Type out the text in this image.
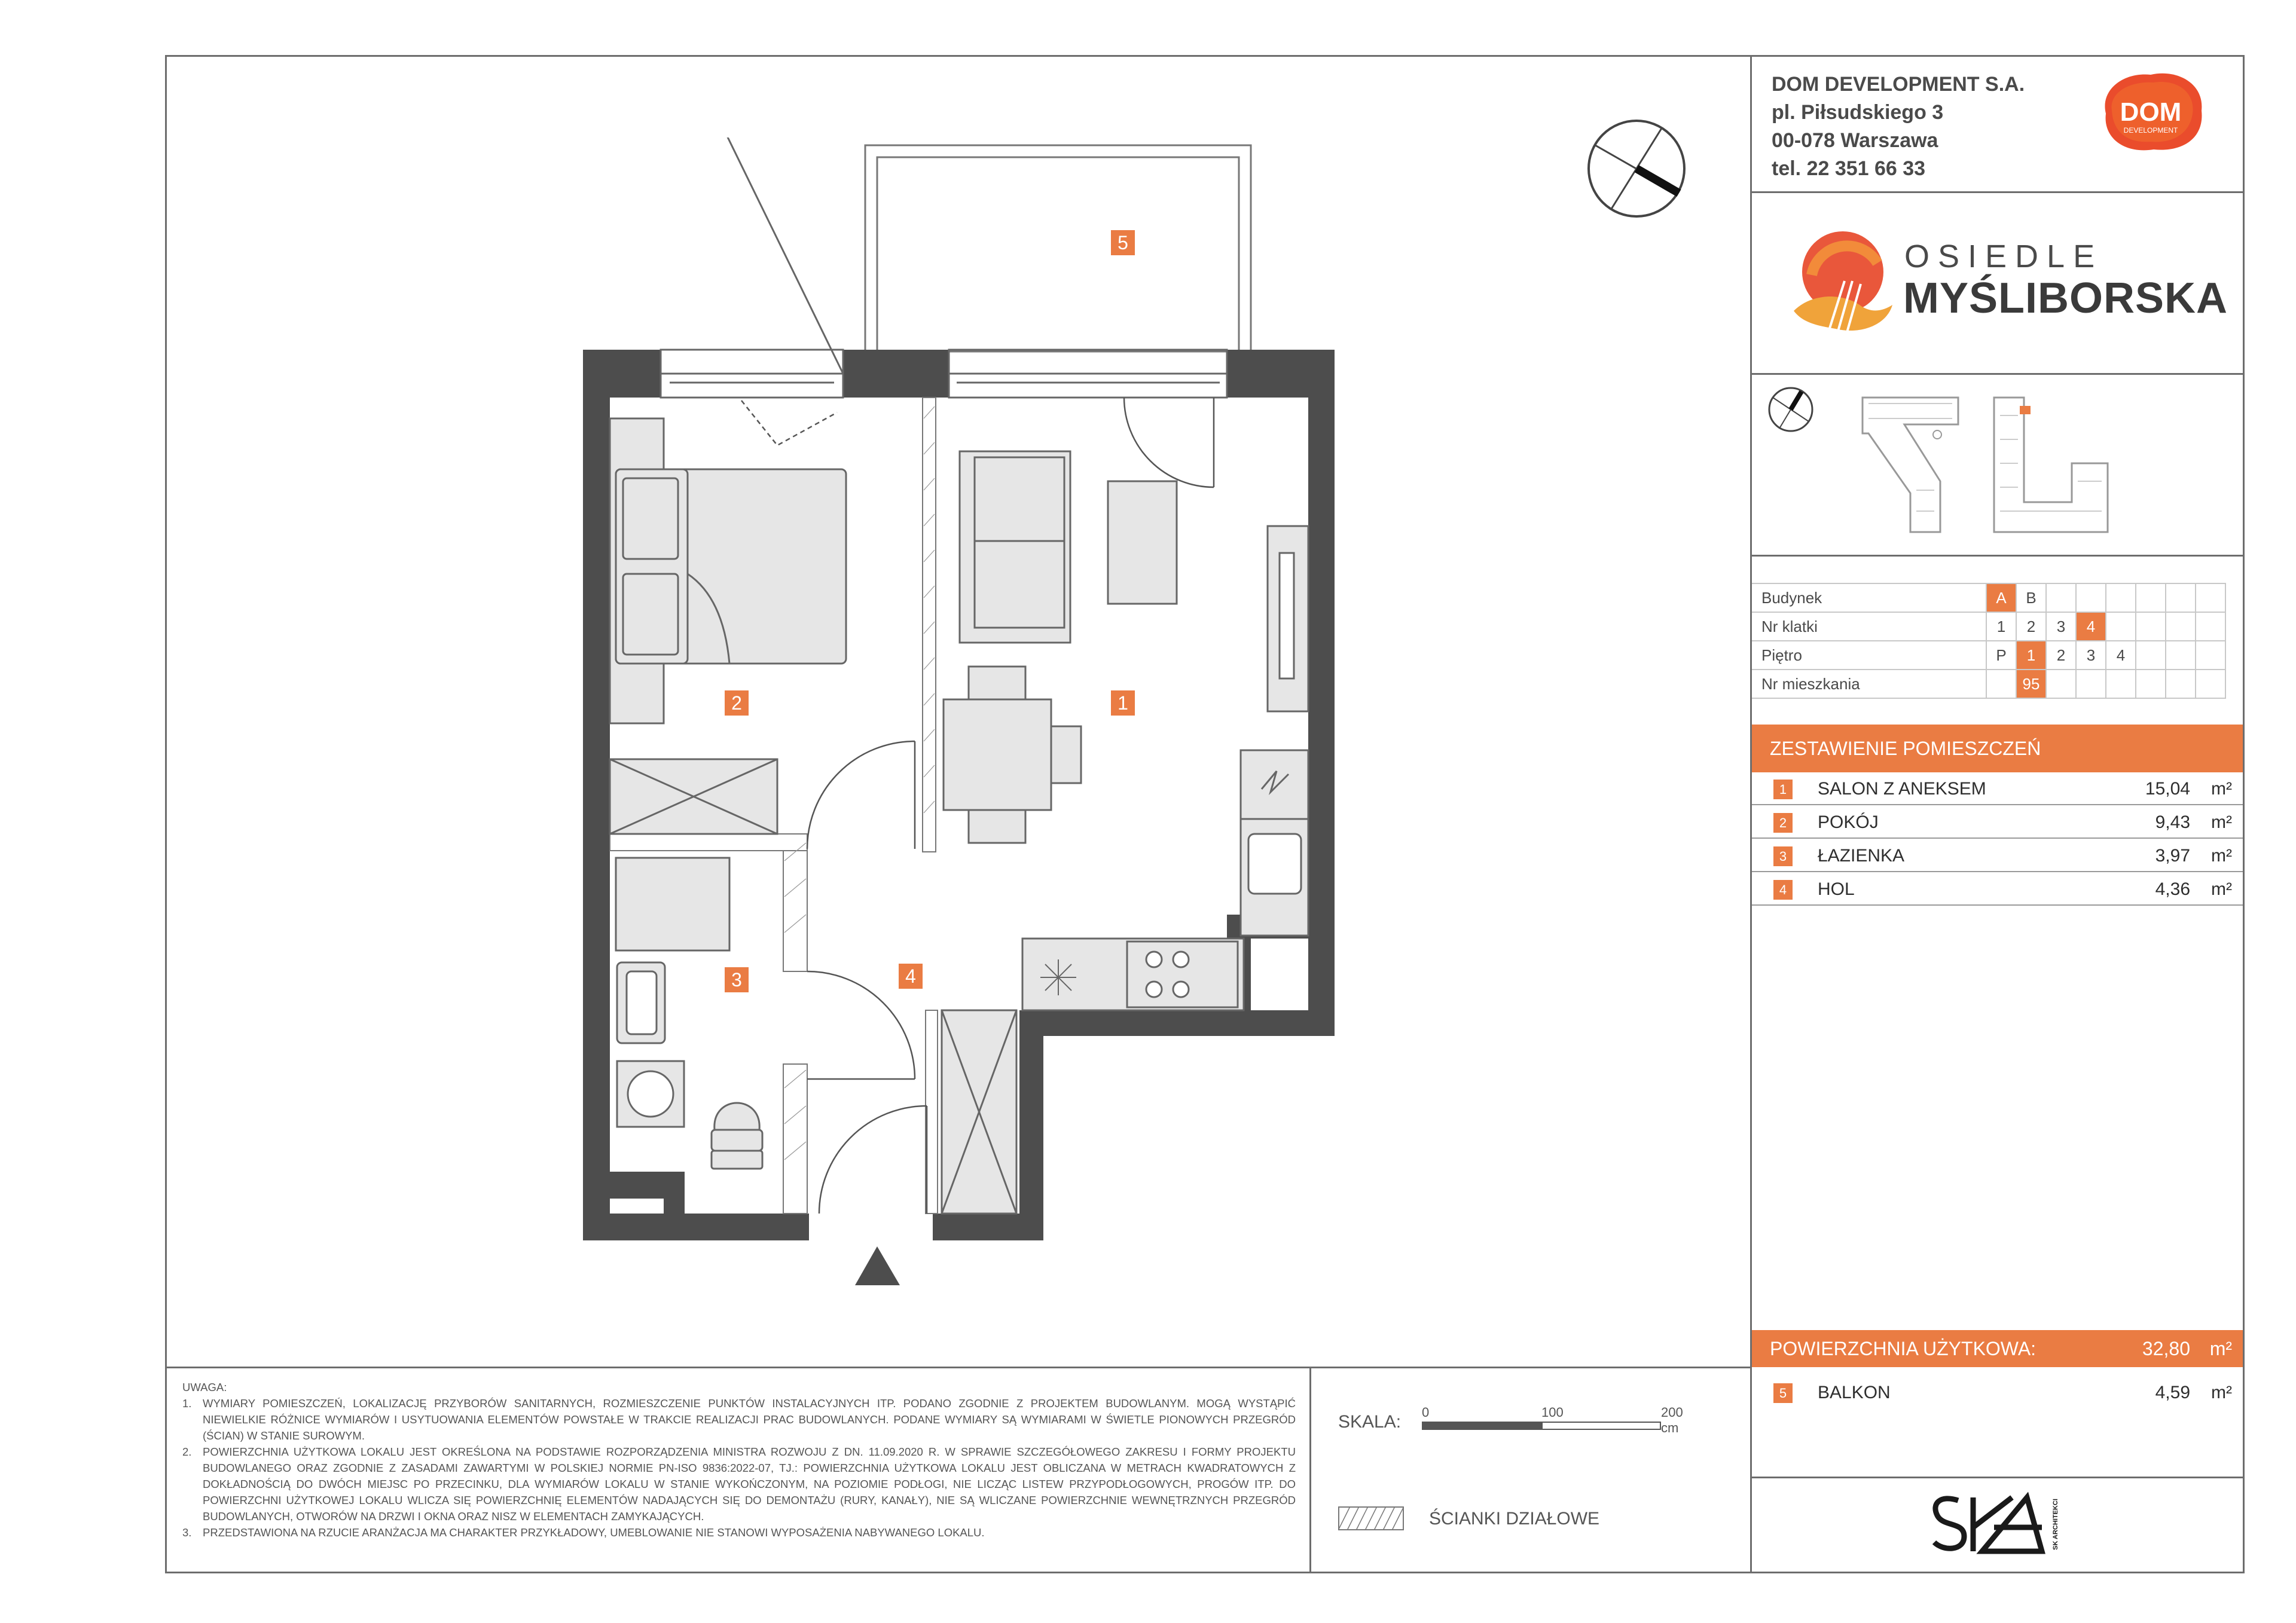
DOM DEVELOPMENT S.A.
pl. Piłsudskiego 3
00-078 Warszawa
tel. 22 351 66 33
DOM
DEVELOPMENT
OSIEDLE
MYŚLIBORSKA
Budynek	A	B						
Nr klatki	1	2	3	4				
Piętro	P	1	2	3	4			
Nr mieszkania		95						
ZESTAWIENIE POMIESZCZEŃ
1	SALON Z ANEKSEM	15,04 m²
2	POKÓJ	9,43 m²
3	ŁAZIENKA	3,97 m²
4	HOL	4,36 m²
POWIERZCHNIA UŻYTKOWA:	32,80 m²
5	BALKON	4,59 m²
SK ARCHITEKCI
UWAGA:
1.	WYMIARY POMIESZCZEŃ, LOKALIZACJĘ PRZYBORÓW SANITARNYCH, ROZMIESZCZENIE PUNKTÓW INSTALACYJNYCH ITP. PODANO ZGODNIE Z PROJEKTEM BUDOWLANYM. MOGĄ WYSTĄPIĆ NIEWIELKIE RÓŻNICE WYMIARÓW I USYTUOWANIA ELEMENTÓW POWSTAŁE W TRAKCIE REALIZACJI PRAC BUDOWLANYCH. PODANE WYMIARY SĄ WYMIARAMI W ŚWIETLE PIONOWYCH PRZEGRÓD (ŚCIAN) W STANIE SUROWYM.
2.	POWIERZCHNIA UŻYTKOWA LOKALU JEST OKREŚLONA NA PODSTAWIE ROZPORZĄDZENIA MINISTRA ROZWOJU Z DN. 11.09.2020 R. W SPRAWIE SZCZEGÓŁOWEGO ZAKRESU I FORMY PROJEKTU BUDOWLANEGO ORAZ ZGODNIE Z ZASADAMI ZAWARTYMI W POLSKIEJ NORMIE PN-ISO 9836:2022-07, TJ.: POWIERZCHNIA UŻYTKOWA LOKALU JEST OBLICZANA W METRACH KWADRATOWYCH Z DOKŁADNOŚCIĄ DO DWÓCH MIEJSC PO PRZECINKU, DLA WYMIARÓW LOKALU W STANIE WYKOŃCZONYM, NA POZIOMIE PODŁOGI, NIE LICZĄC LISTEW PRZYPODŁOGOWYCH, PROGÓW ITP. DO POWIERZCHNI UŻYTKOWEJ LOKALU WLICZA SIĘ POWIERZCHNIĘ ELEMENTÓW NADAJĄCYCH SIĘ DO DEMONTAŻU (RURY, KANAŁY), NIE SĄ WLICZANE POWIERZCHNIE WEWNĘTRZNYCH PRZEGRÓD BUDOWLANYCH, OTWORÓW NA DRZWI I OKNA ORAZ NISZ W ELEMENTACH ZAMYKAJĄCYCH.
3.	PRZEDSTAWIONA NA RZUCIE ARANŻACJA MA CHARAKTER PRZYKŁADOWY, UMEBLOWANIE NIE STANOWI WYPOSAŻENIA NABYWANEGO LOKALU.
SKALA: 0	100	200 cm
ŚCIANKI DZIAŁOWE
1
2
3	4
5
